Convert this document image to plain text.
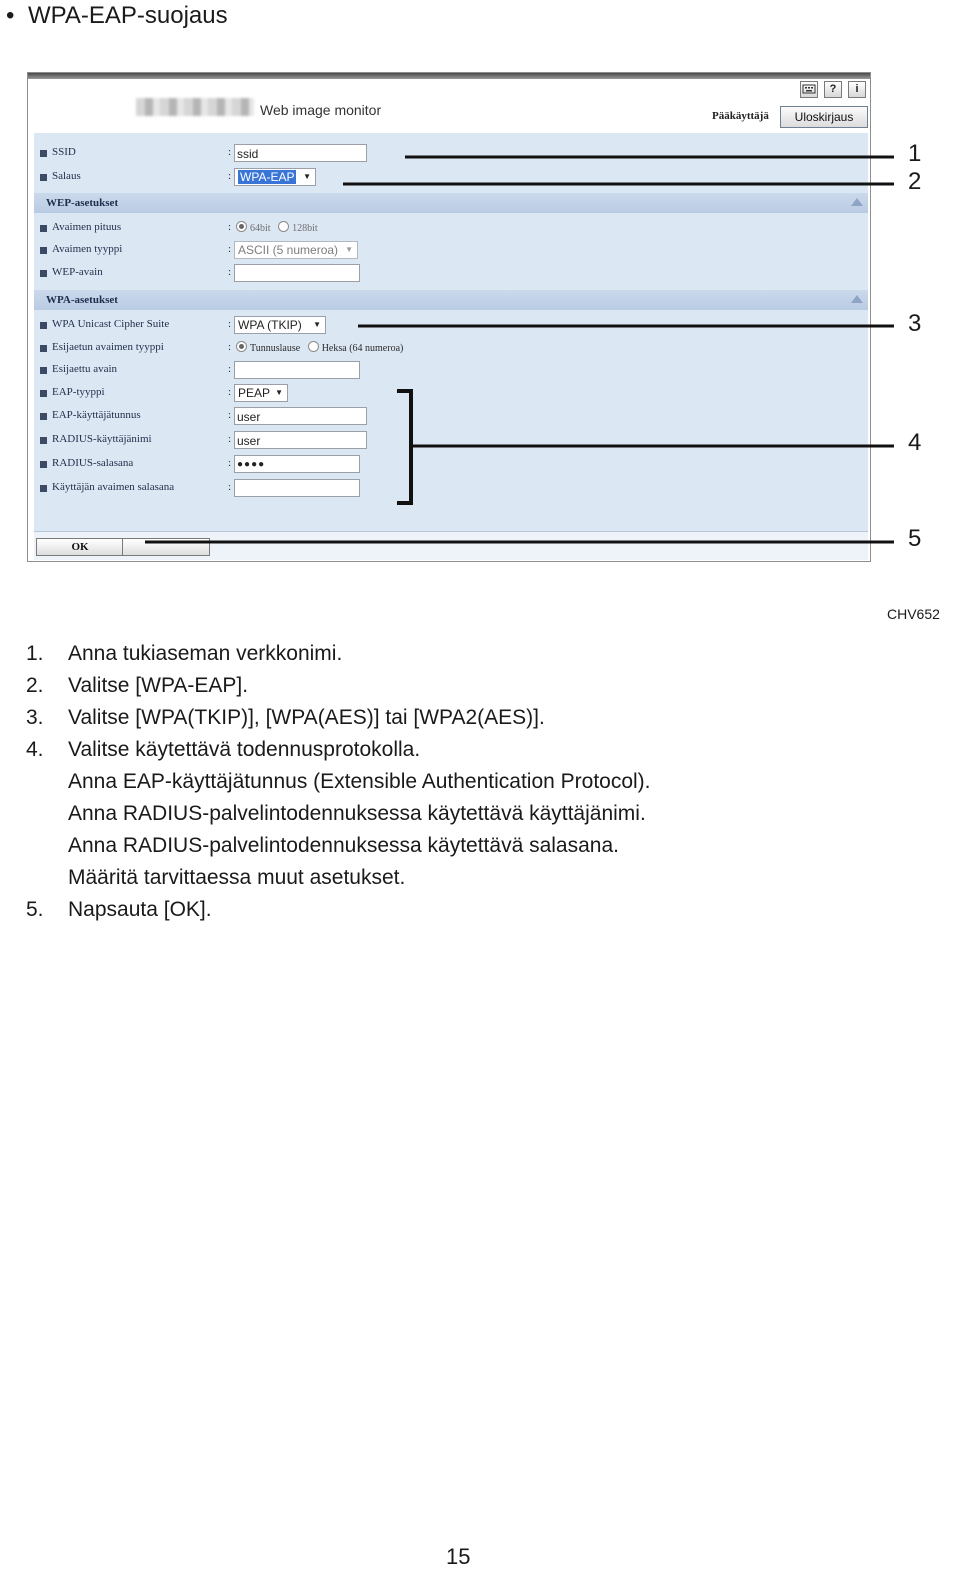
• WPA-EAP-suojaus
Web image monitor
?	i
Pääkäyttäjä	Uloskirjaus
SSID	: ssid
Salaus	: WPA-EAP ▼
WEP-asetukset
Avaimen pituus	:	64bit 128bit
Avaimen tyyppi	: ASCII (5 numeroa) ▼
WEP-avain	:
WPA-asetukset
WPA Unicast Cipher Suite	: WPA (TKIP) ▼
Esijaetun avaimen tyyppi	:	Tunnuslause Heksa (64 numeroa)
Esijaettu avain	:
EAP-tyyppi	: PEAP ▼
EAP-käyttäjätunnus	: user
RADIUS-käyttäjänimi	: user
RADIUS-salasana	: ●●●●
Käyttäjän avaimen salasana	:
OK
1
2
3
4
5
CHV652
1. Anna tukiaseman verkkonimi.
2. Valitse [WPA-EAP].
3. Valitse [WPA(TKIP)], [WPA(AES)] tai [WPA2(AES)].
4. Valitse käytettävä todennusprotokolla.
Anna EAP-käyttäjätunnus (Extensible Authentication Protocol).
Anna RADIUS-palvelintodennuksessa käytettävä käyttäjänimi.
Anna RADIUS-palvelintodennuksessa käytettävä salasana.
Määritä tarvittaessa muut asetukset.
5. Napsauta [OK].
15
